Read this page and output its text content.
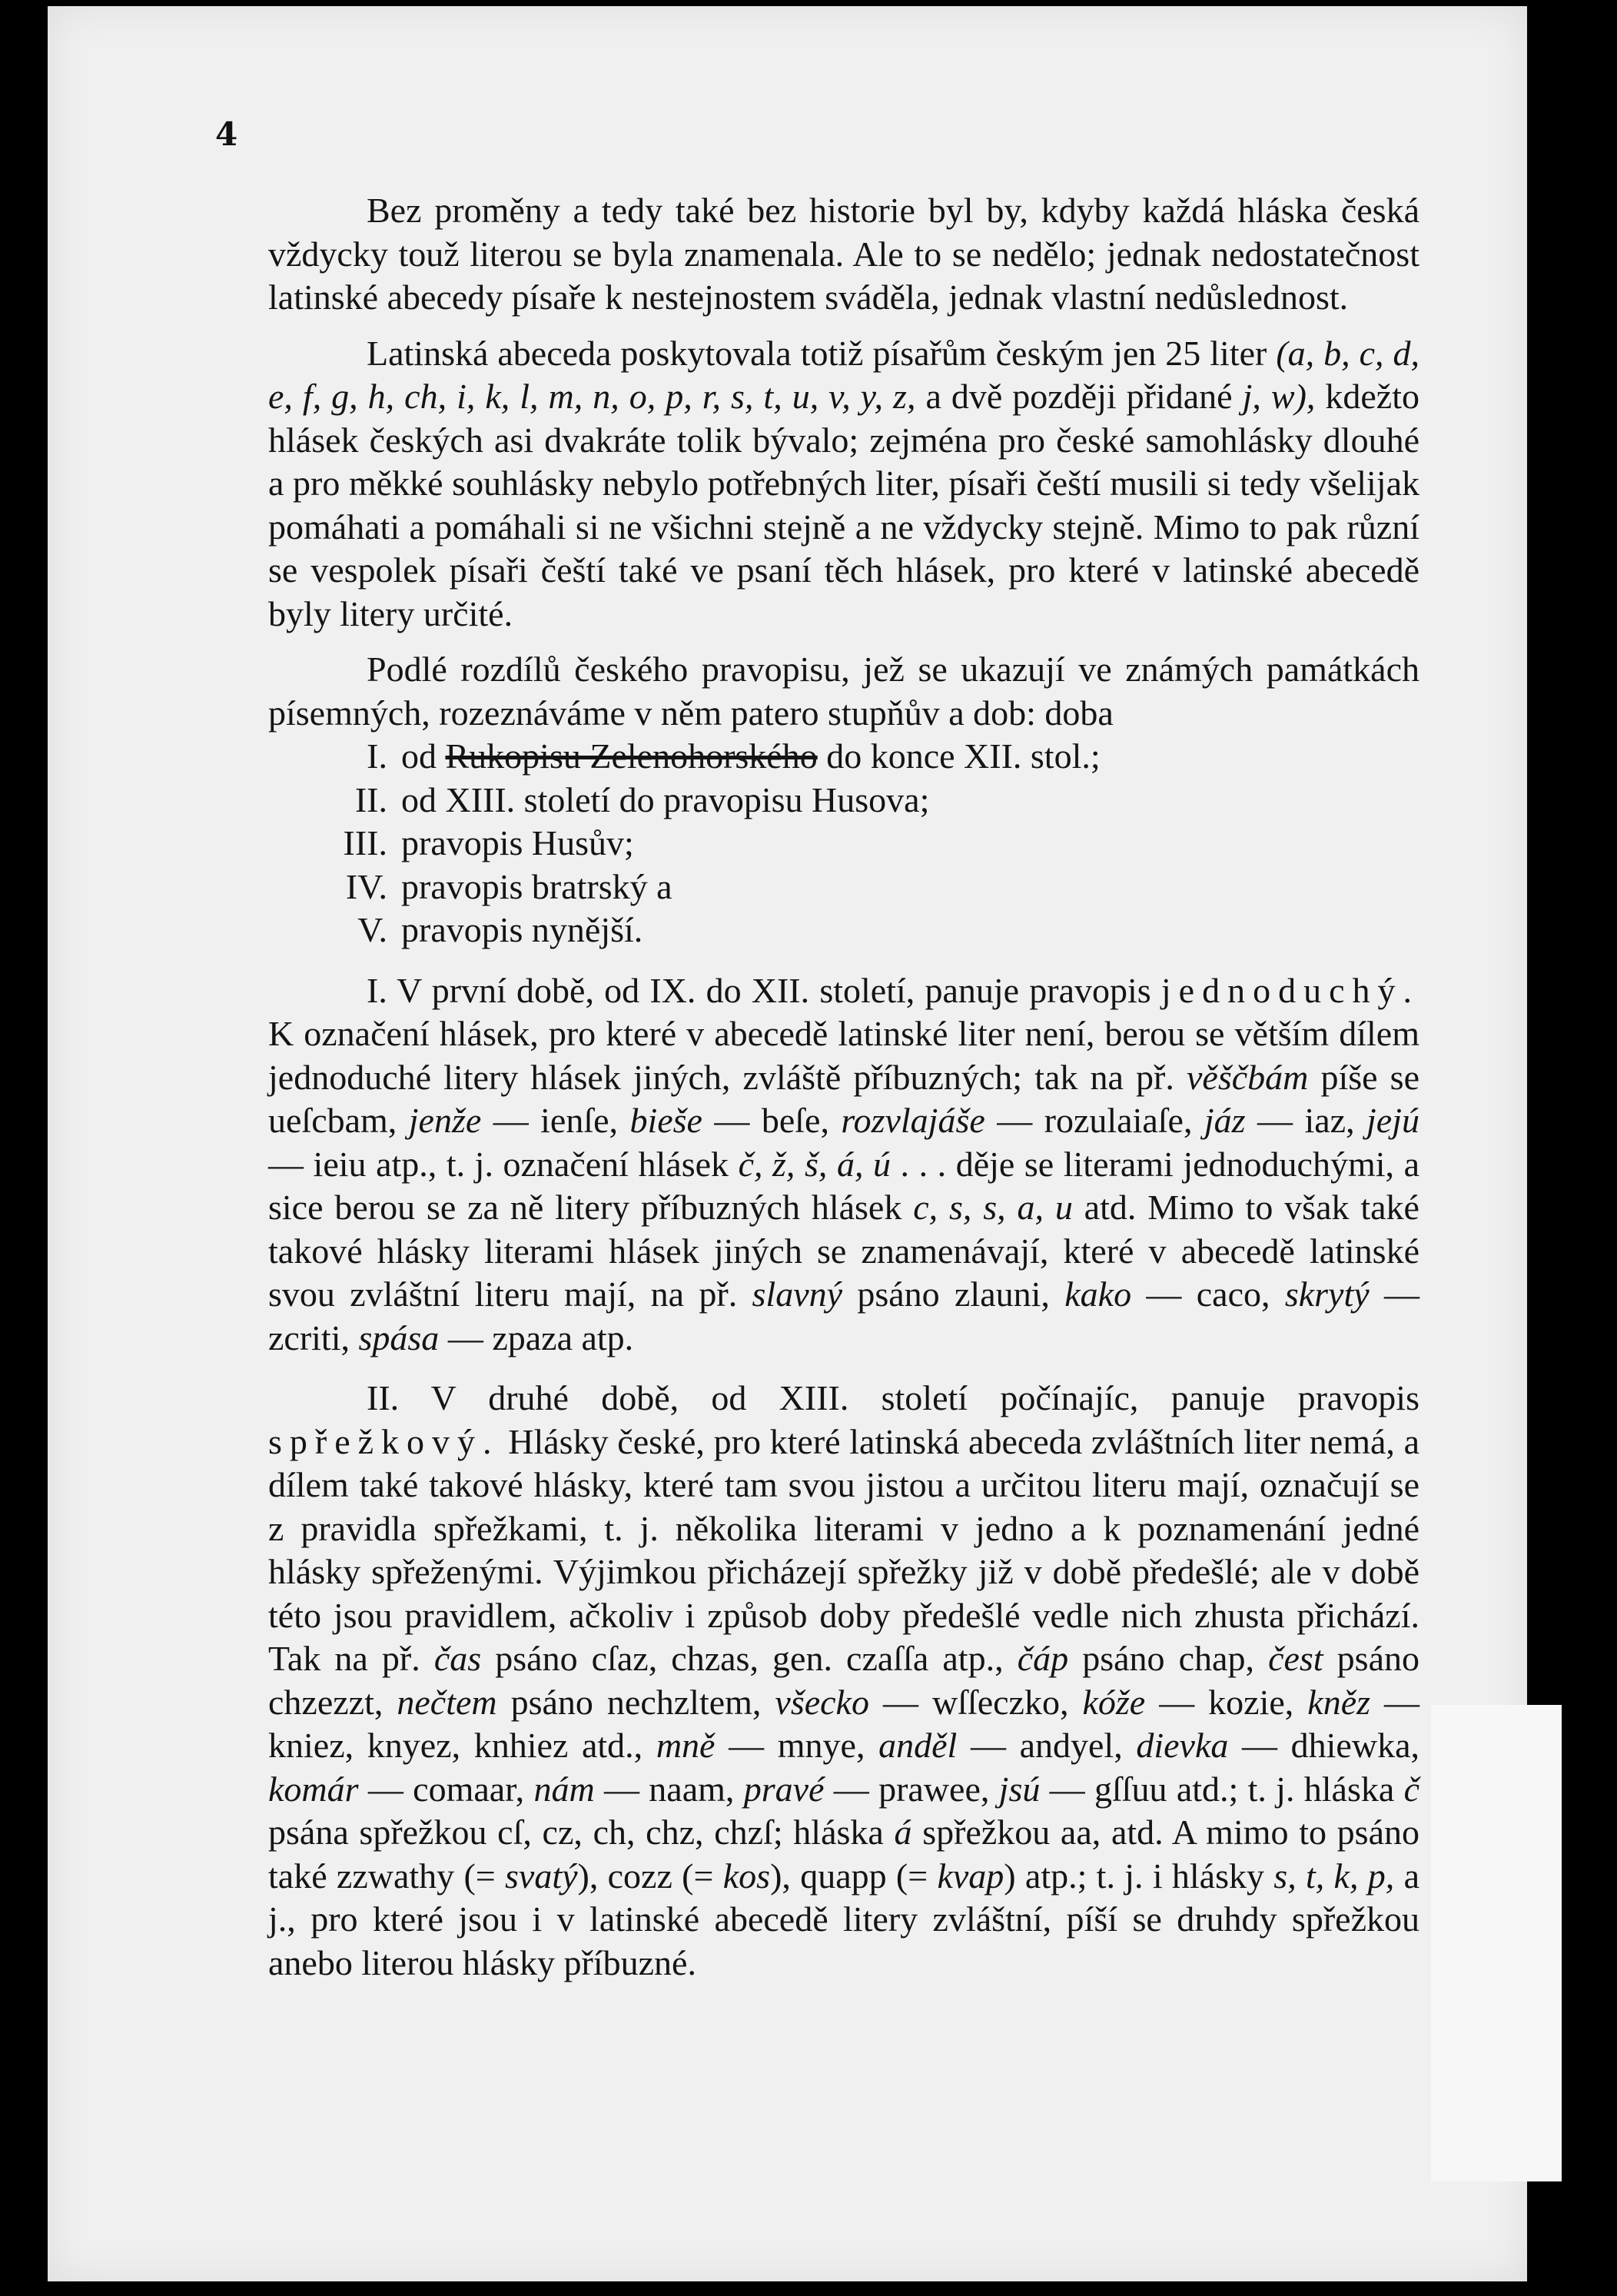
4

Bez proměny a tedy také bez historie byl by, kdyby každá hláska česká vždycky touž literou se byla znamenala. Ale to se nedělo; jednak nedostatečnost latinské abecedy písaře k nestejnostem sváděla, jednak vlastní nedůslednost.

Latinská abeceda poskytovala totiž písařům českým jen 25 liter (a, b, c, d, e, f, g, h, ch, i, k, l, m, n, o, p, r, s, t, u, v, y, z, a dvě později přidané j, w), kdežto hlásek českých asi dvakráte tolik bývalo; zejména pro české samohlásky dlouhé a pro měkké souhlásky nebylo potřebných liter, písaři čeští musili si tedy všelijak pomáhati a pomáhali si ne všichni stejně a ne vždycky stejně. Mimo to pak různí se vespolek písaři čeští také ve psaní těch hlásek, pro které v latinské abecedě byly litery určité.

Podlé rozdílů českého pravopisu, jež se ukazují ve známých památkách písemných, rozeznáváme v něm patero stupňův a dob: doba

I. od Rukopisu Zelenohorského do konce XII. stol.;
II. od XIII. století do pravopisu Husova;
III. pravopis Husův;
IV. pravopis bratrský a
V. pravopis nynější.

I. V první době, od IX. do XII. století, panuje pravopis jednoduchý. K označení hlásek, pro které v abecedě latinské liter není, berou se větším dílem jednoduché litery hlásek jiných, zvláště příbuzných; tak na př. věščbám píše se ueſcbam, jenže — ienſe, bieše — beſe, rozvlajáše — rozulaiaſe, jáz — iaz, jejú — ieiu atp., t. j. označení hlásek č, ž, š, á, ú . . . děje se literami jednoduchými, a sice berou se za ně litery příbuzných hlásek c, s, s, a, u atd. Mimo to však také takové hlásky literami hlásek jiných se znamenávají, které v abecedě latinské svou zvláštní literu mají, na př. slavný psáno zlauni, kako — caco, skrytý — zcriti, spása — zpaza atp.

II. V druhé době, od XIII. století počínajíc, panuje pravopis spřežkový. Hlásky české, pro které latinská abeceda zvláštních liter nemá, a dílem také takové hlásky, které tam svou jistou a určitou literu mají, označují se z pravidla spřežkami, t. j. několika literami v jedno a k poznamenání jedné hlásky spřeženými. Výjimkou přicházejí spřežky již v době předešlé; ale v době této jsou pravidlem, ačkoliv i způsob doby předešlé vedle nich zhusta přichází. Tak na př. čas psáno cſaz, chzas, gen. czaſſa atp., čáp psáno chap, čest psáno chzezzt, nečtem psáno nechzltem, všecko — wſſeczko, kóže — kozie, kněz — kniez, knyez, knhiez atd., mně — mnye, anděl — andyel, dievka — dhiewka, komár — comaar, nám — naam, pravé — prawee, jsú — gſſuu atd.; t. j. hláska č psána spřežkou cſ, cz, ch, chz, chzſ; hláska á spřežkou aa, atd. A mimo to psáno také zzwathy (= svatý), cozz (= kos), quapp (= kvap) atp.; t. j. i hlásky s, t, k, p, a j., pro které jsou i v latinské abecedě litery zvláštní, píší se druhdy spřežkou anebo literou hlásky příbuzné.
